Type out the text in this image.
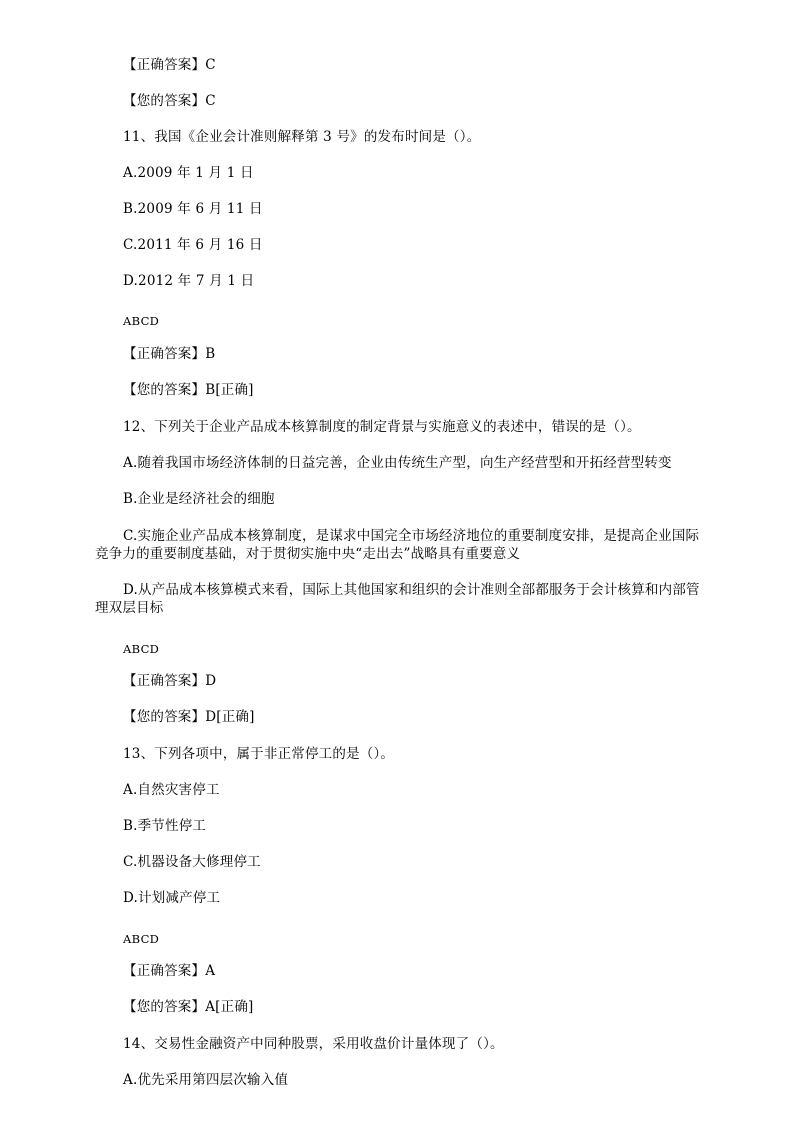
【正确答案】C
【您的答案】C
11、我国《企业会计准则解释第 3 号》的发布时间是（）。
A.2009 年 1 月 1 日
B.2009 年 6 月 11 日
C.2011 年 6 月 16 日
D.2012 年 7 月 1 日
ABCD
【正确答案】B
【您的答案】B[正确]
12、下列关于企业产品成本核算制度的制定背景与实施意义的表述中，错误的是（）。
A.随着我国市场经济体制的日益完善，企业由传统生产型，向生产经营型和开拓经营型转变
B.企业是经济社会的细胞
C.实施企业产品成本核算制度，是谋求中国完全市场经济地位的重要制度安排，是提高企业国际竞争力的重要制度基础，对于贯彻实施中央“走出去”战略具有重要意义
D.从产品成本核算模式来看，国际上其他国家和组织的会计准则全部都服务于会计核算和内部管理双层目标
ABCD
【正确答案】D
【您的答案】D[正确]
13、下列各项中，属于非正常停工的是（）。
A.自然灾害停工
B.季节性停工
C.机器设备大修理停工
D.计划减产停工
ABCD
【正确答案】A
【您的答案】A[正确]
14、交易性金融资产中同种股票，采用收盘价计量体现了（）。
A.优先采用第四层次输入值
